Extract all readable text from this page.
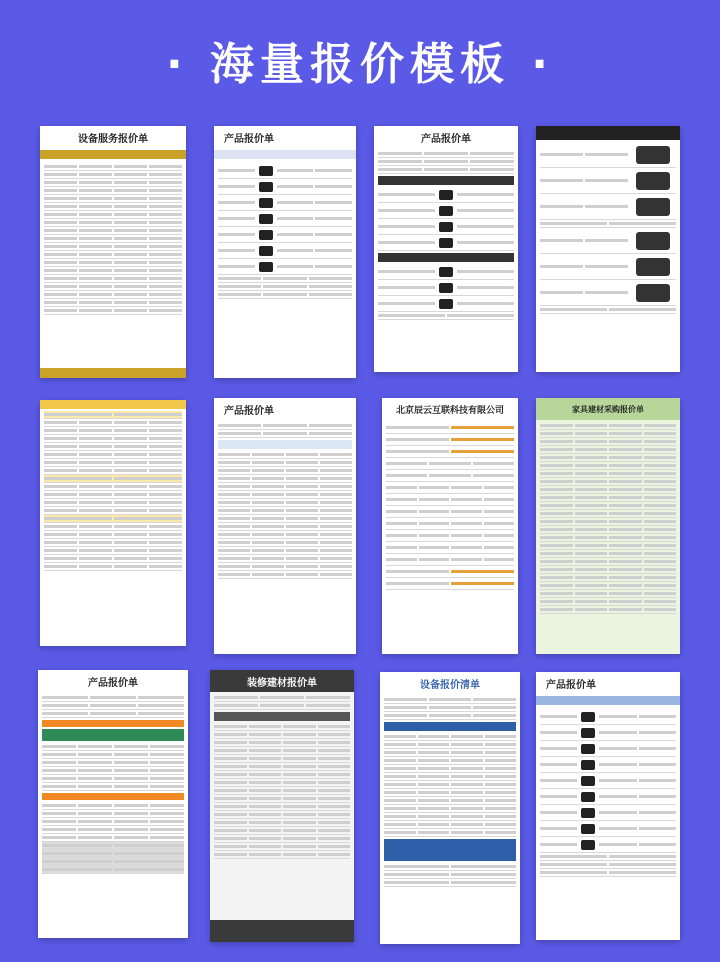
· 海量报价模板 ·
设备服务报价单	产品报价单	产品报价单
产品报价单	北京辰云互联科技有限公司	家具建材采购报价单
产品报价单	装修建材报价单	设备报价清单	产品报价单
